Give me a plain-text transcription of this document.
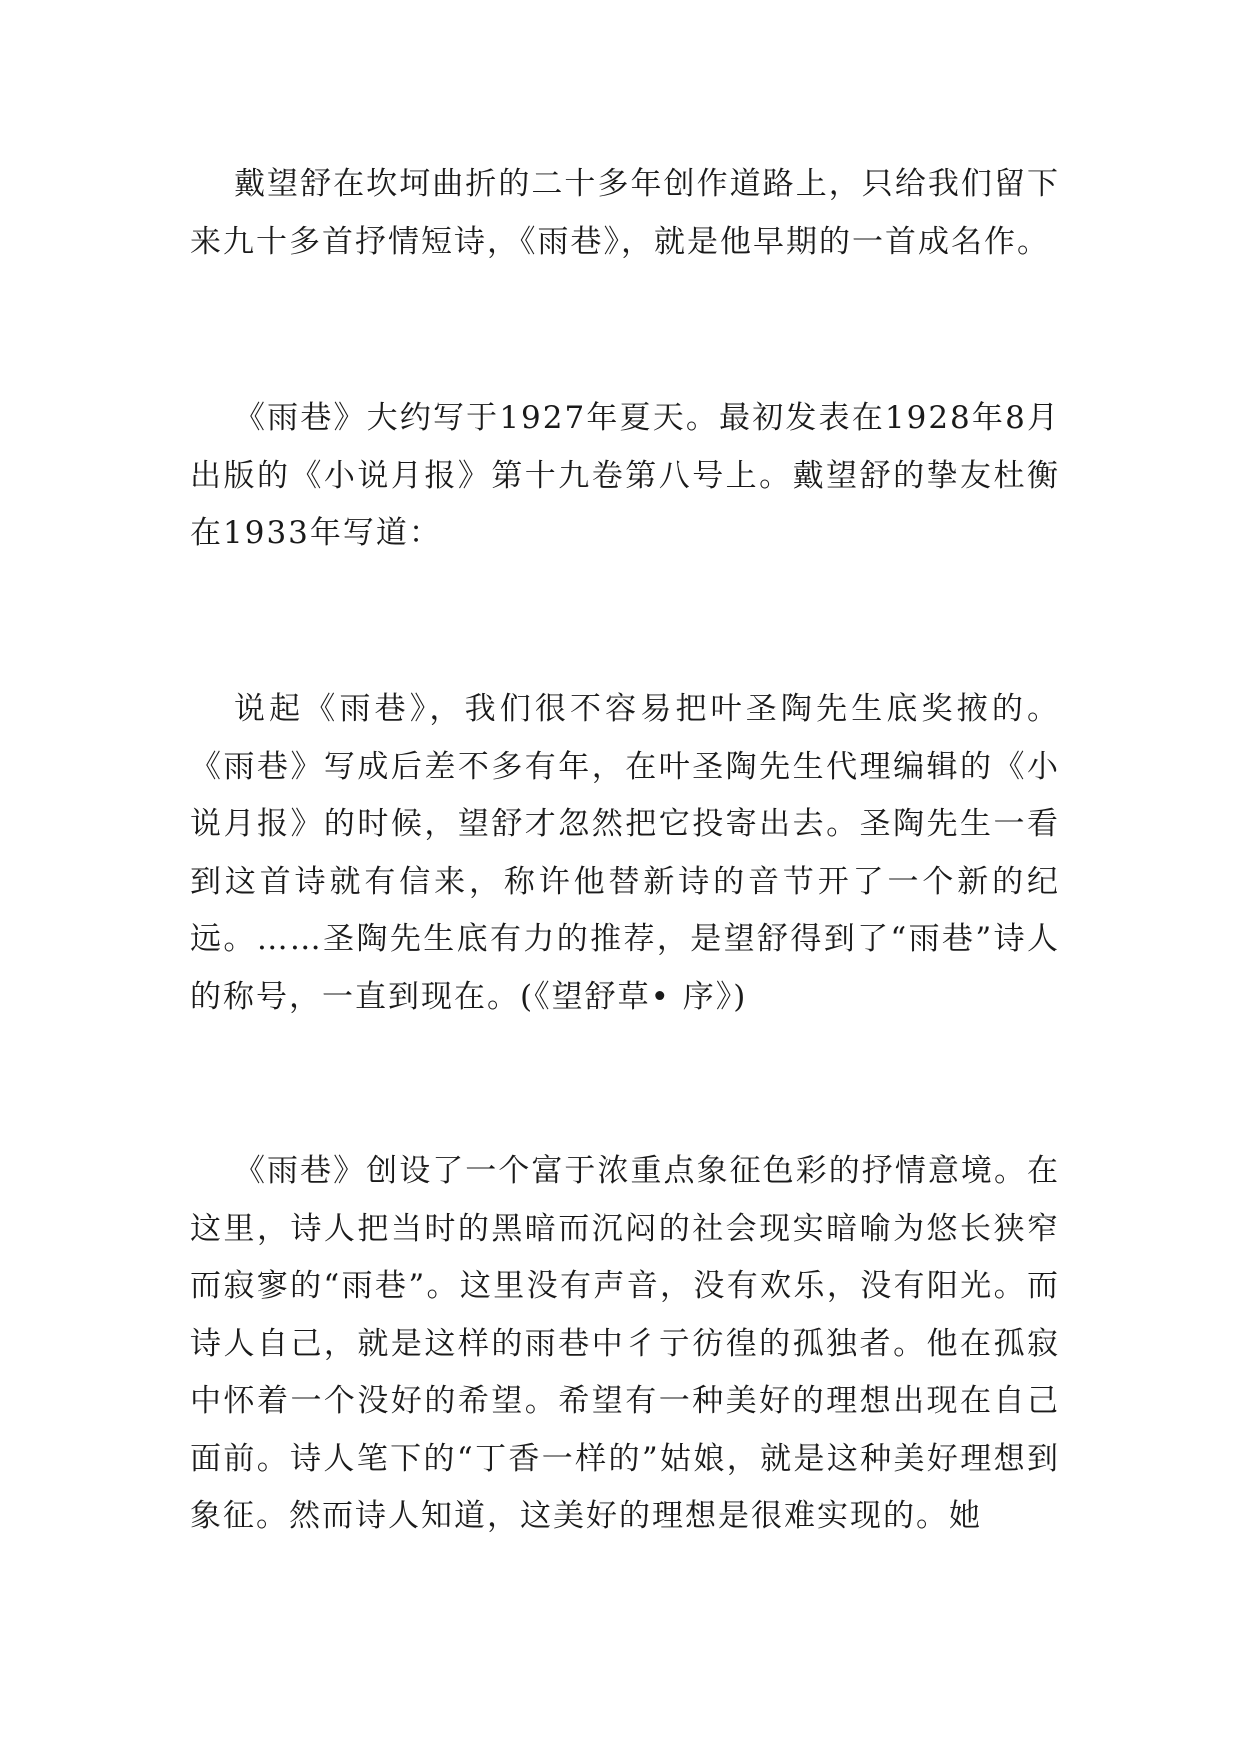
戴望舒在坎坷曲折的二十多年创作道路上，只给我们留下来九十多首抒情短诗，《雨巷》，就是他早期的一首成名作。

《雨巷》大约写于1927年夏天。最初发表在1928年8月出版的《小说月报》第十九卷第八号上。戴望舒的挚友杜衡在1933年写道：

说起《雨巷》，我们很不容易把叶圣陶先生底奖掖的。《雨巷》写成后差不多有年，在叶圣陶先生代理编辑的《小说月报》的时候，望舒才忽然把它投寄出去。圣陶先生一看到这首诗就有信来，称许他替新诗的音节开了一个新的纪远。……圣陶先生底有力的推荐，是望舒得到了“雨巷”诗人的称号，一直到现在。(《望舒草• 序》)

《雨巷》创设了一个富于浓重点象征色彩的抒情意境。在这里，诗人把当时的黑暗而沉闷的社会现实暗喻为悠长狭窄而寂寥的“雨巷”。这里没有声音，没有欢乐，没有阳光。而诗人自己，就是这样的雨巷中彳亍彷徨的孤独者。他在孤寂中怀着一个没好的希望。希望有一种美好的理想出现在自己面前。诗人笔下的“丁香一样的”姑娘，就是这种美好理想到象征。然而诗人知道，这美好的理想是很难实现的。她
